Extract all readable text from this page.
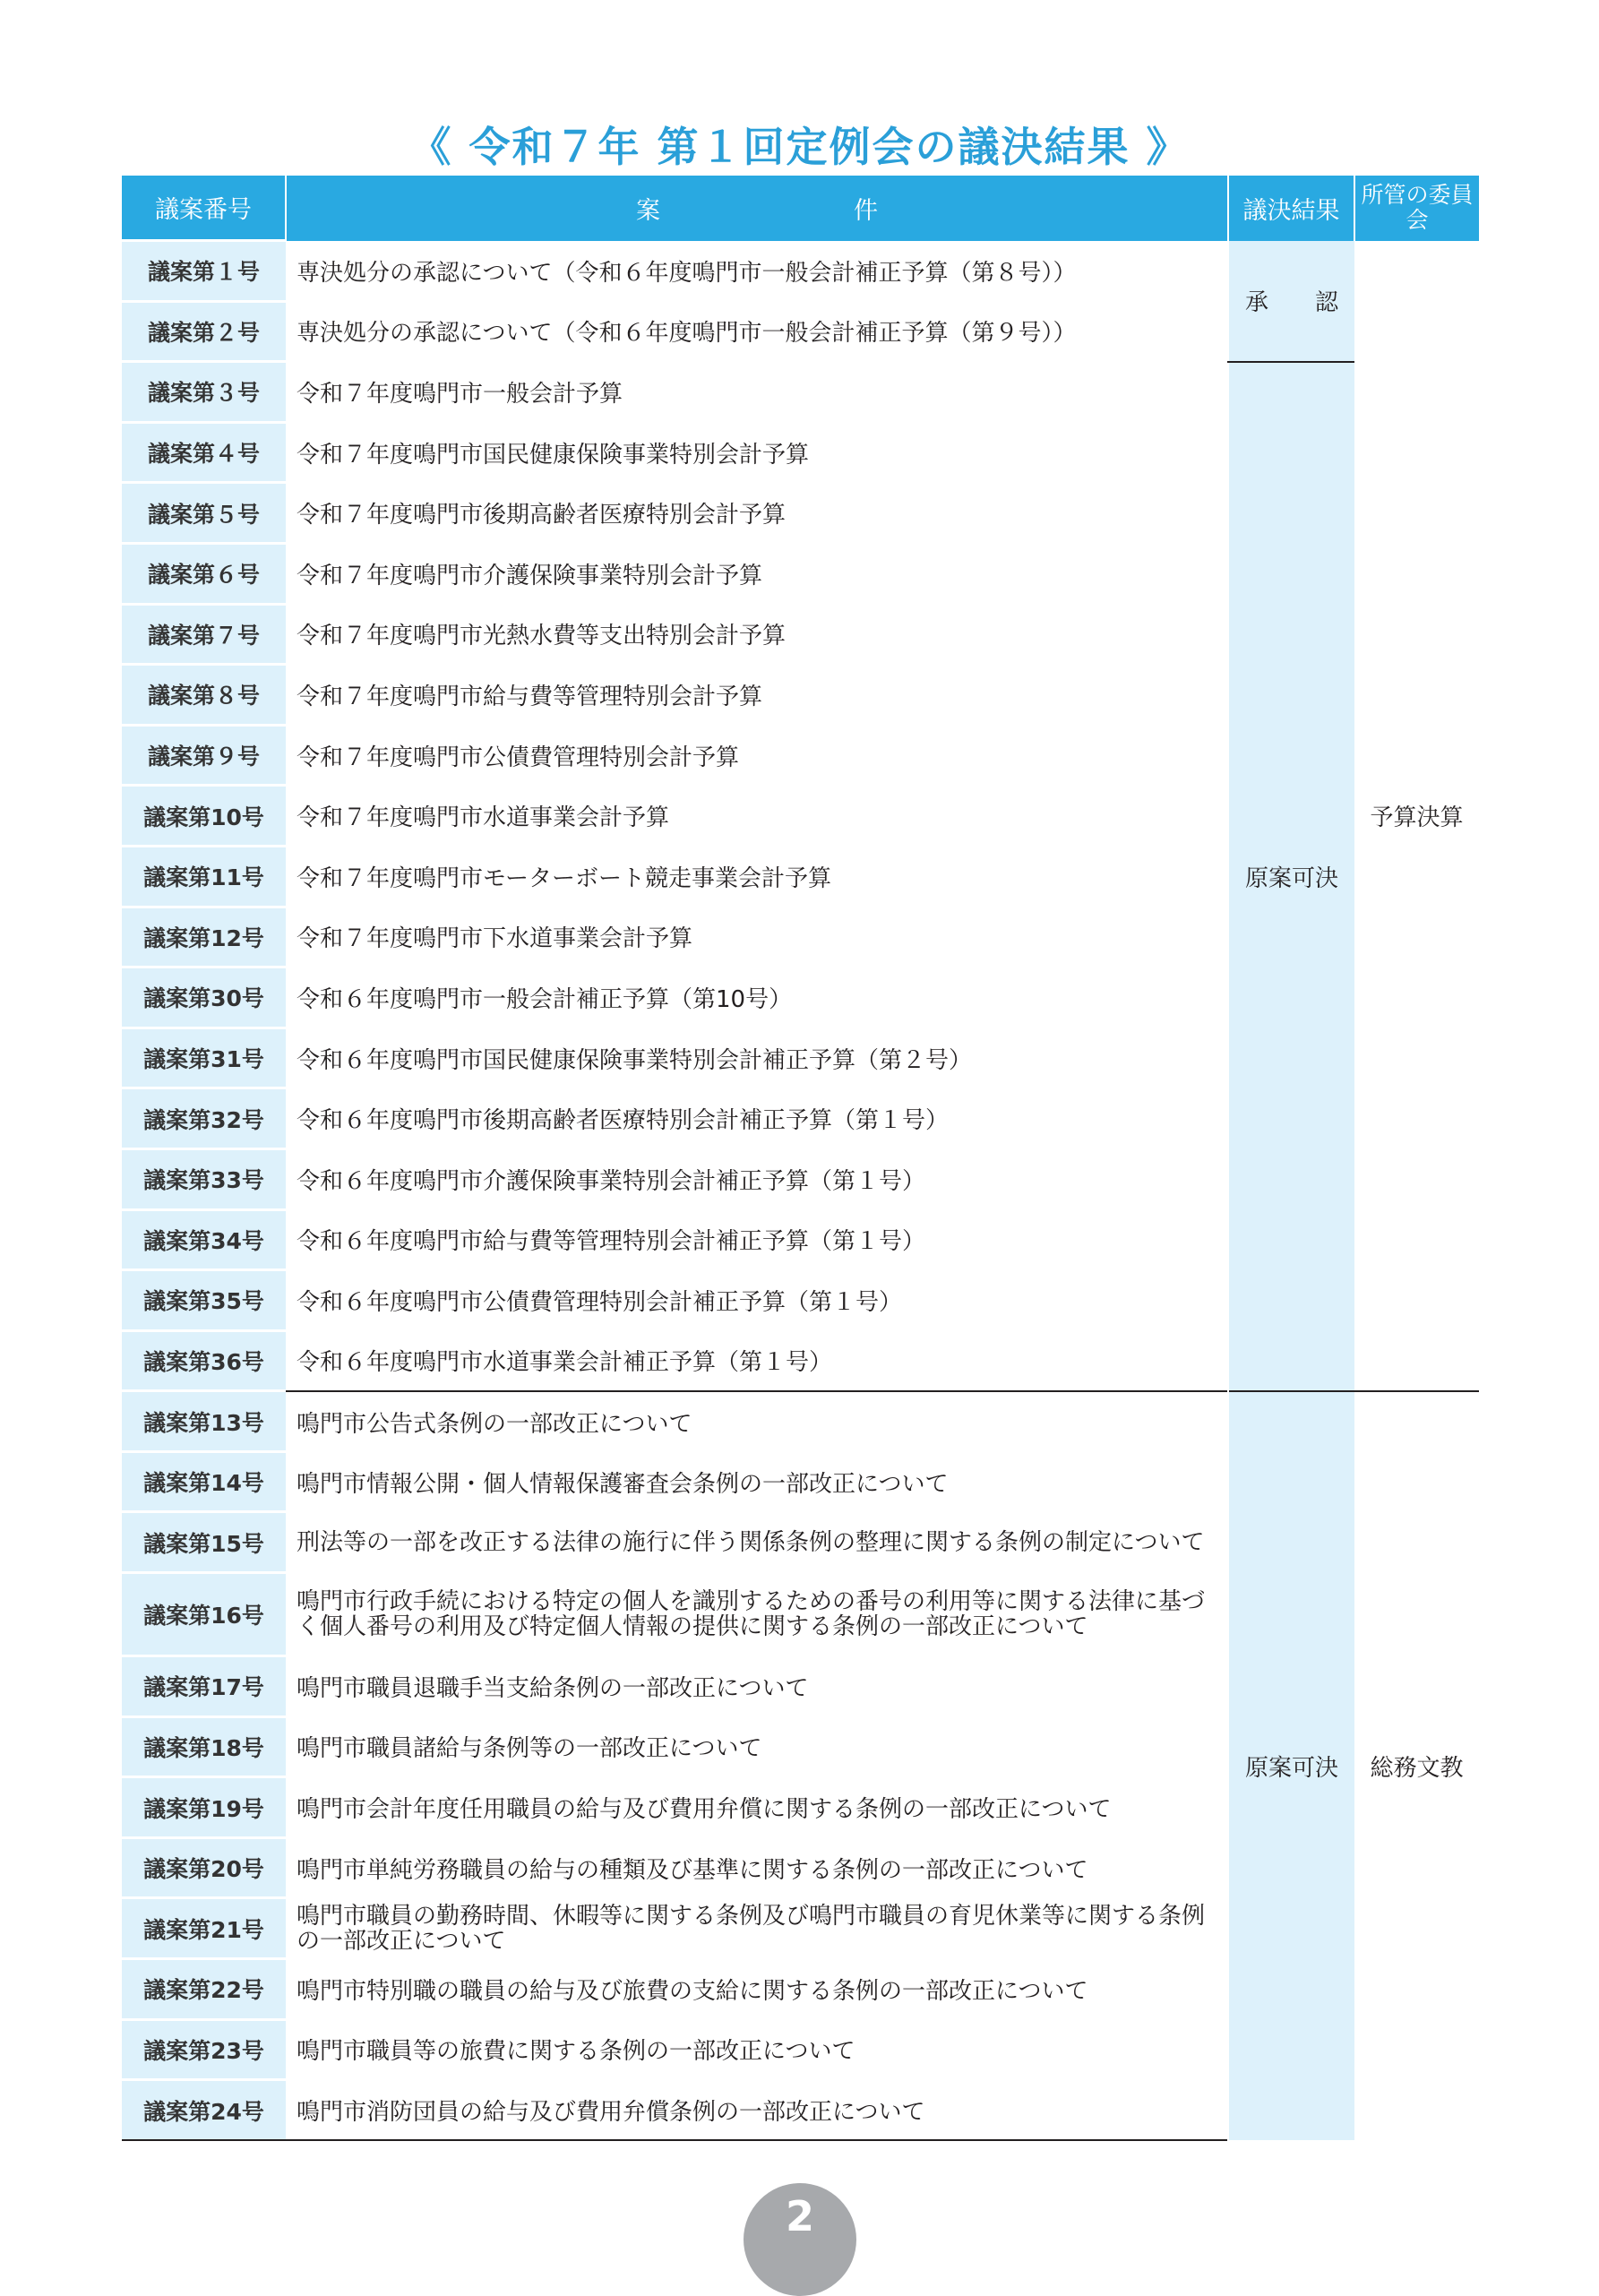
《 令和７年 第１回定例会の議決結果 》
議案番号	案　　　　　　　　件	議決結果	所管の委員会
議案第１号	専決処分の承認について（令和６年度鳴門市一般会計補正予算（第８号））	承　　認	予算決算
議案第２号	専決処分の承認について（令和６年度鳴門市一般会計補正予算（第９号））		
議案第３号	令和７年度鳴門市一般会計予算	原案可決	
議案第４号	令和７年度鳴門市国民健康保険事業特別会計予算		
議案第５号	令和７年度鳴門市後期高齢者医療特別会計予算		
議案第６号	令和７年度鳴門市介護保険事業特別会計予算		
議案第７号	令和７年度鳴門市光熱水費等支出特別会計予算		
議案第８号	令和７年度鳴門市給与費等管理特別会計予算		
議案第９号	令和７年度鳴門市公債費管理特別会計予算		
議案第10号	令和７年度鳴門市水道事業会計予算		
議案第11号	令和７年度鳴門市モーターボート競走事業会計予算		
議案第12号	令和７年度鳴門市下水道事業会計予算		
議案第30号	令和６年度鳴門市一般会計補正予算（第10号）		
議案第31号	令和６年度鳴門市国民健康保険事業特別会計補正予算（第２号）		
議案第32号	令和６年度鳴門市後期高齢者医療特別会計補正予算（第１号）		
議案第33号	令和６年度鳴門市介護保険事業特別会計補正予算（第１号）		
議案第34号	令和６年度鳴門市給与費等管理特別会計補正予算（第１号）		
議案第35号	令和６年度鳴門市公債費管理特別会計補正予算（第１号）		
議案第36号	令和６年度鳴門市水道事業会計補正予算（第１号）		
議案第13号	鳴門市公告式条例の一部改正について	原案可決	総務文教
議案第14号	鳴門市情報公開・個人情報保護審査会条例の一部改正について		
議案第15号	刑法等の一部を改正する法律の施行に伴う関係条例の整理に関する条例の制定について		
議案第16号	鳴門市行政手続における特定の個人を識別するための番号の利用等に関する法律に基づく個人番号の利用及び特定個人情報の提供に関する条例の一部改正について		
議案第17号	鳴門市職員退職手当支給条例の一部改正について		
議案第18号	鳴門市職員諸給与条例等の一部改正について		
議案第19号	鳴門市会計年度任用職員の給与及び費用弁償に関する条例の一部改正について		
議案第20号	鳴門市単純労務職員の給与の種類及び基準に関する条例の一部改正について		
議案第21号	鳴門市職員の勤務時間、休暇等に関する条例及び鳴門市職員の育児休業等に関する条例の一部改正について		
議案第22号	鳴門市特別職の職員の給与及び旅費の支給に関する条例の一部改正について		
議案第23号	鳴門市職員等の旅費に関する条例の一部改正について		
議案第24号	鳴門市消防団員の給与及び費用弁償条例の一部改正について		
2
